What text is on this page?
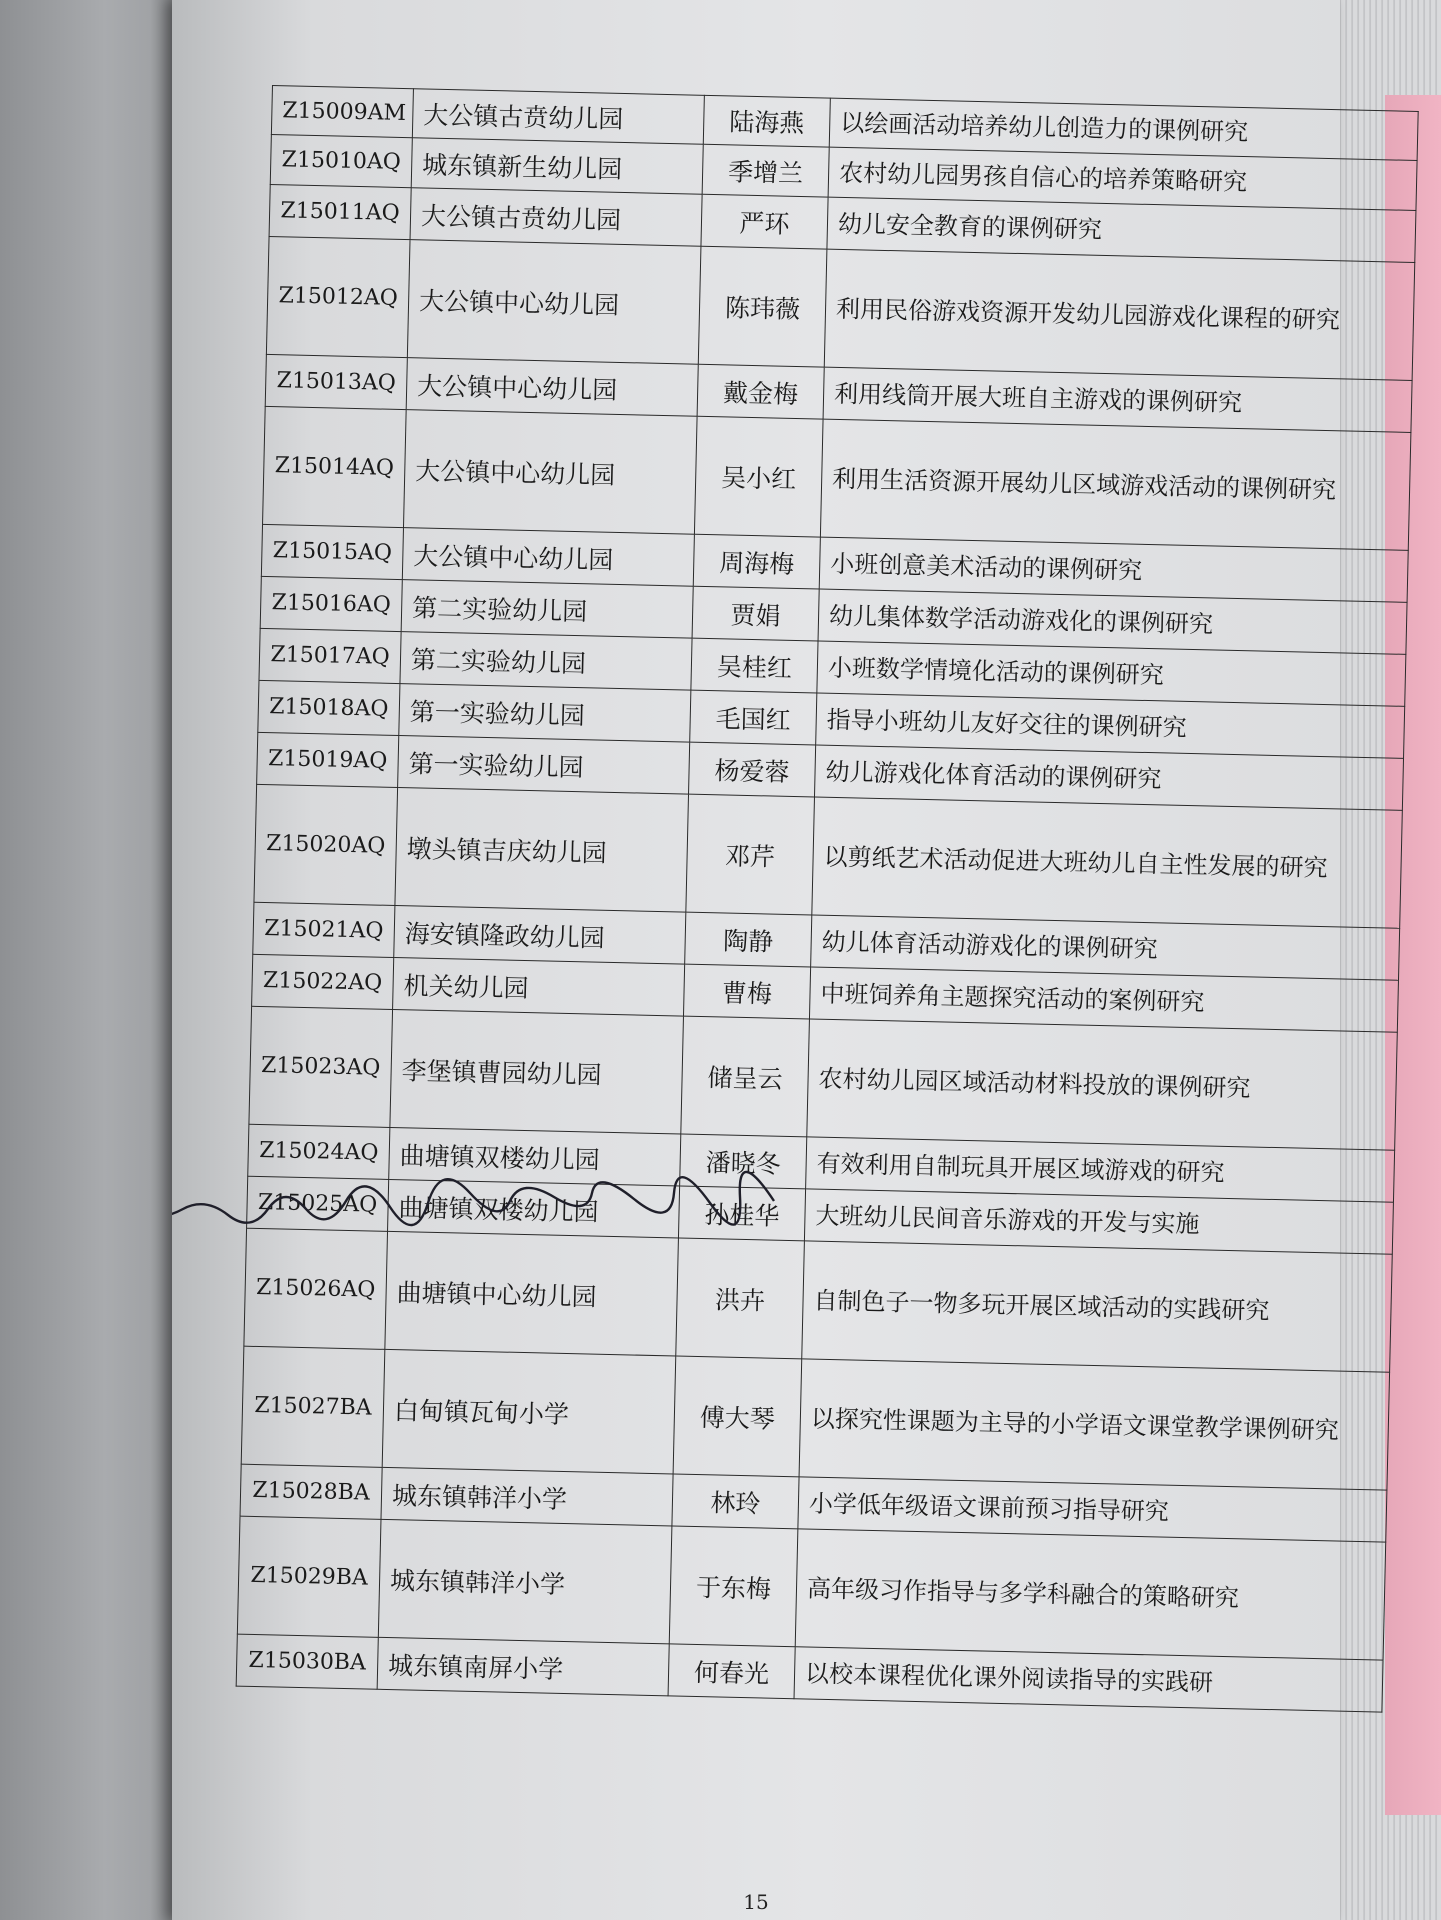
Z15009AM	大公镇古贲幼儿园	陆海燕	以绘画活动培养幼儿创造力的课例研究
Z15010AQ	城东镇新生幼儿园	季增兰	农村幼儿园男孩自信心的培养策略研究
Z15011AQ	大公镇古贲幼儿园	严环	幼儿安全教育的课例研究
Z15012AQ	大公镇中心幼儿园	陈玮薇	利用民俗游戏资源开发幼儿园游戏化课程的研究
Z15013AQ	大公镇中心幼儿园	戴金梅	利用线筒开展大班自主游戏的课例研究
Z15014AQ	大公镇中心幼儿园	吴小红	利用生活资源开展幼儿区域游戏活动的课例研究
Z15015AQ	大公镇中心幼儿园	周海梅	小班创意美术活动的课例研究
Z15016AQ	第二实验幼儿园	贾娟	幼儿集体数学活动游戏化的课例研究
Z15017AQ	第二实验幼儿园	吴桂红	小班数学情境化活动的课例研究
Z15018AQ	第一实验幼儿园	毛国红	指导小班幼儿友好交往的课例研究
Z15019AQ	第一实验幼儿园	杨爱蓉	幼儿游戏化体育活动的课例研究
Z15020AQ	墩头镇吉庆幼儿园	邓芹	以剪纸艺术活动促进大班幼儿自主性发展的研究
Z15021AQ	海安镇隆政幼儿园	陶静	幼儿体育活动游戏化的课例研究
Z15022AQ	机关幼儿园	曹梅	中班饲养角主题探究活动的案例研究
Z15023AQ	李堡镇曹园幼儿园	储呈云	农村幼儿园区域活动材料投放的课例研究
Z15024AQ	曲塘镇双楼幼儿园	潘晓冬	有效利用自制玩具开展区域游戏的研究
Z15025AQ	曲塘镇双楼幼儿园	孙桂华	大班幼儿民间音乐游戏的开发与实施
Z15026AQ	曲塘镇中心幼儿园	洪卉	自制色子一物多玩开展区域活动的实践研究
Z15027BA	白甸镇瓦甸小学	傅大琴	以探究性课题为主导的小学语文课堂教学课例研究
Z15028BA	城东镇韩洋小学	林玲	小学低年级语文课前预习指导研究
Z15029BA	城东镇韩洋小学	于东梅	高年级习作指导与多学科融合的策略研究
Z15030BA	城东镇南屏小学	何春光	以校本课程优化课外阅读指导的实践研
15
